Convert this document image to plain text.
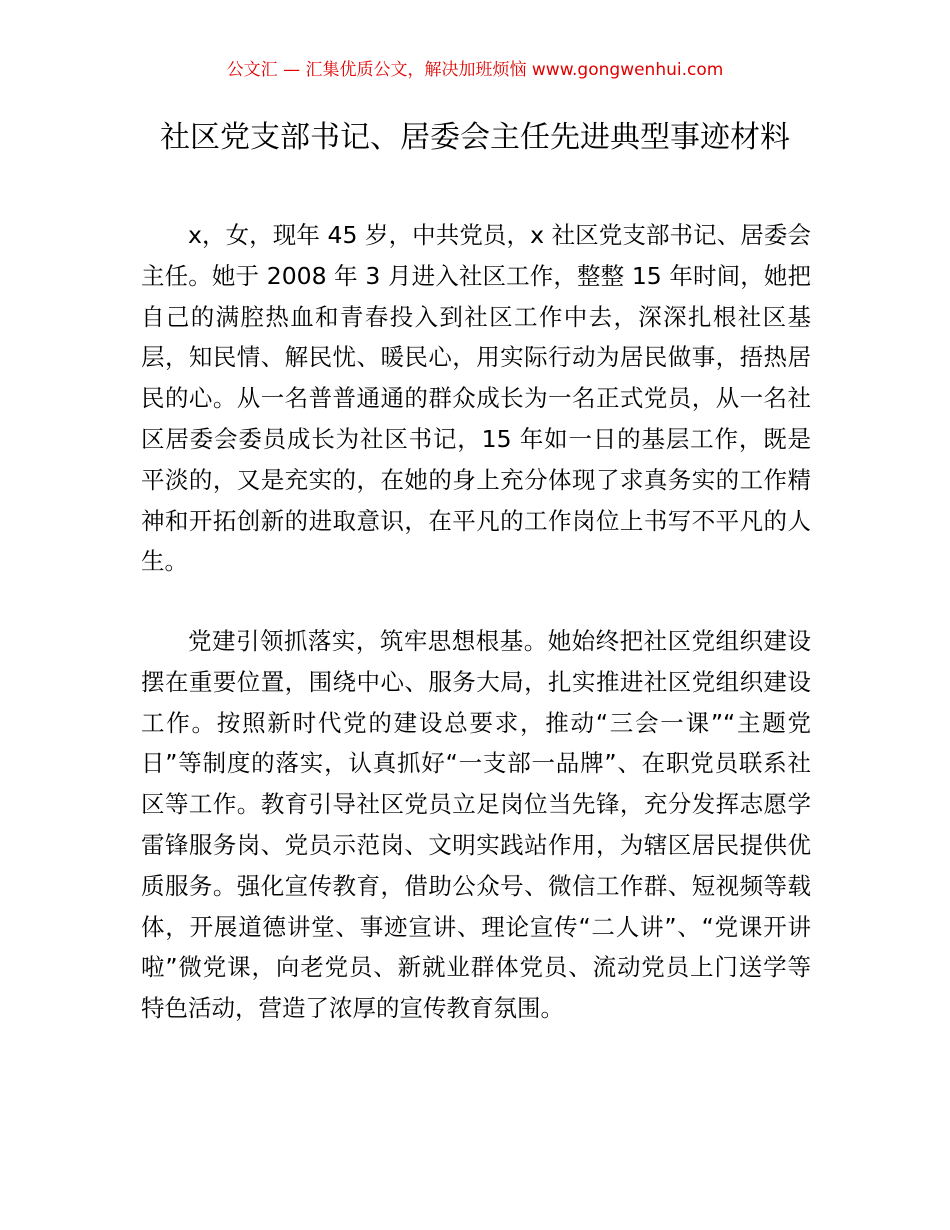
公文汇 — 汇集优质公文，解决加班烦恼 www.gongwenhui.com
社区党支部书记、居委会主任先进典型事迹材料

x，女，现年 45 岁，中共党员，x 社区党支部书记、居委会主任。她于 2008 年 3 月进入社区工作，整整 15 年时间，她把自己的满腔热血和青春投入到社区工作中去，深深扎根社区基层，知民情、解民忧、暖民心，用实际行动为居民做事，捂热居民的心。从一名普普通通的群众成长为一名正式党员，从一名社区居委会委员成长为社区书记，15 年如一日的基层工作，既是平淡的，又是充实的，在她的身上充分体现了求真务实的工作精神和开拓创新的进取意识，在平凡的工作岗位上书写不平凡的人生。

党建引领抓落实，筑牢思想根基。她始终把社区党组织建设摆在重要位置，围绕中心、服务大局，扎实推进社区党组织建设工作。按照新时代党的建设总要求，推动“三会一课”“主题党日”等制度的落实，认真抓好“一支部一品牌”、在职党员联系社区等工作。教育引导社区党员立足岗位当先锋，充分发挥志愿学雷锋服务岗、党员示范岗、文明实践站作用，为辖区居民提供优质服务。强化宣传教育，借助公众号、微信工作群、短视频等载体，开展道德讲堂、事迹宣讲、理论宣传“二人讲”、“党课开讲啦”微党课，向老党员、新就业群体党员、流动党员上门送学等特色活动，营造了浓厚的宣传教育氛围。
